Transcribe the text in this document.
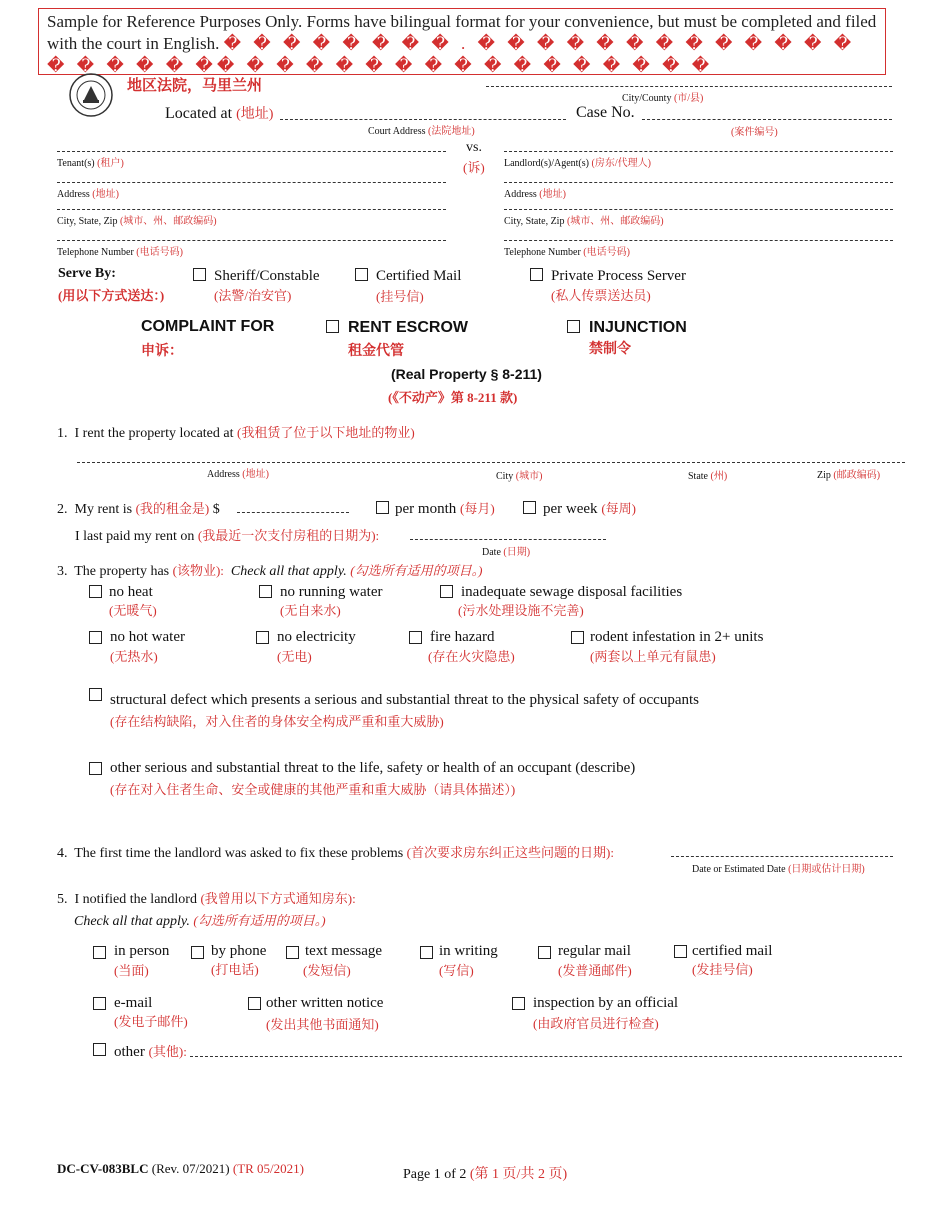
Sample for Reference Purposes Only. Forms have bilingual format for your convenience, but must be completed and filed with the court in English. � � � � � � � � . � � � � � � � � � � � � � � � � � � �� � � � � � � � � � � � � � � � �
地区法院，马里兰州
City/County (市/县)
Located at (地址)
Court Address (法院地址)
Case No.
(案件编号)
vs.
(诉)
Tenant(s) (租户)
Address (地址)
City, State, Zip (城市、州、邮政编码)
Telephone Number (电话号码)
Landlord(s)/Agent(s) (房东/代理人)
Address (地址)
City, State, Zip (城市、州、邮政编码)
Telephone Number (电话号码)
Serve By:
(用以下方式送达：)
Sheriff/Constable
(法警/治安官)
Certified Mail
(挂号信)
Private Process Server
(私人传票送达员)
COMPLAINT FOR
申诉：
RENT ESCROW
租金代管
INJUNCTION
禁制令
(Real Property § 8-211)
(《不动产》第 8-211 款)
1. I rent the property located at (我租赁了位于以下地址的物业)
Address (地址)	City (城市)	State (州)	Zip (邮政编码)
2. My rent is (我的租金是) $	per month (每月)	per week (每周)
I last paid my rent on (我最近一次支付房租的日期为):
Date (日期)
3. The property has (该物业): Check all that apply. (勾选所有适用的项目。)
no heat
(无暖气)
no running water
(无自来水)
inadequate sewage disposal facilities
(污水处理设施不完善)
no hot water
(无热水)
no electricity
(无电)
fire hazard
(存在火灾隐患)
rodent infestation in 2+ units
(两套以上单元有鼠患)
structural defect which presents a serious and substantial threat to the physical safety of occupants
(存在结构缺陷，对入住者的身体安全构成严重和重大威胁)
other serious and substantial threat to the life, safety or health of an occupant (describe)
(存在对入住者生命、安全或健康的其他严重和重大威胁（请具体描述）)
4. The first time the landlord was asked to fix these problems (首次要求房东纠正这些问题的日期):
Date or Estimated Date (日期或估计日期)
5. I notified the landlord (我曾用以下方式通知房东):
Check all that apply. (勾选所有适用的项目。)
in person
(当面)
by phone
(打电话)
text message
(发短信)
in writing
(写信)
regular mail
(发普通邮件)
certified mail
(发挂号信)
e-mail
(发电子邮件)
other written notice
(发出其他书面通知)
inspection by an official
(由政府官员进行检查)
other (其他):
DC-CV-083BLC (Rev. 07/2021) (TR 05/2021)	Page 1 of 2 (第 1 页/共 2 页)
